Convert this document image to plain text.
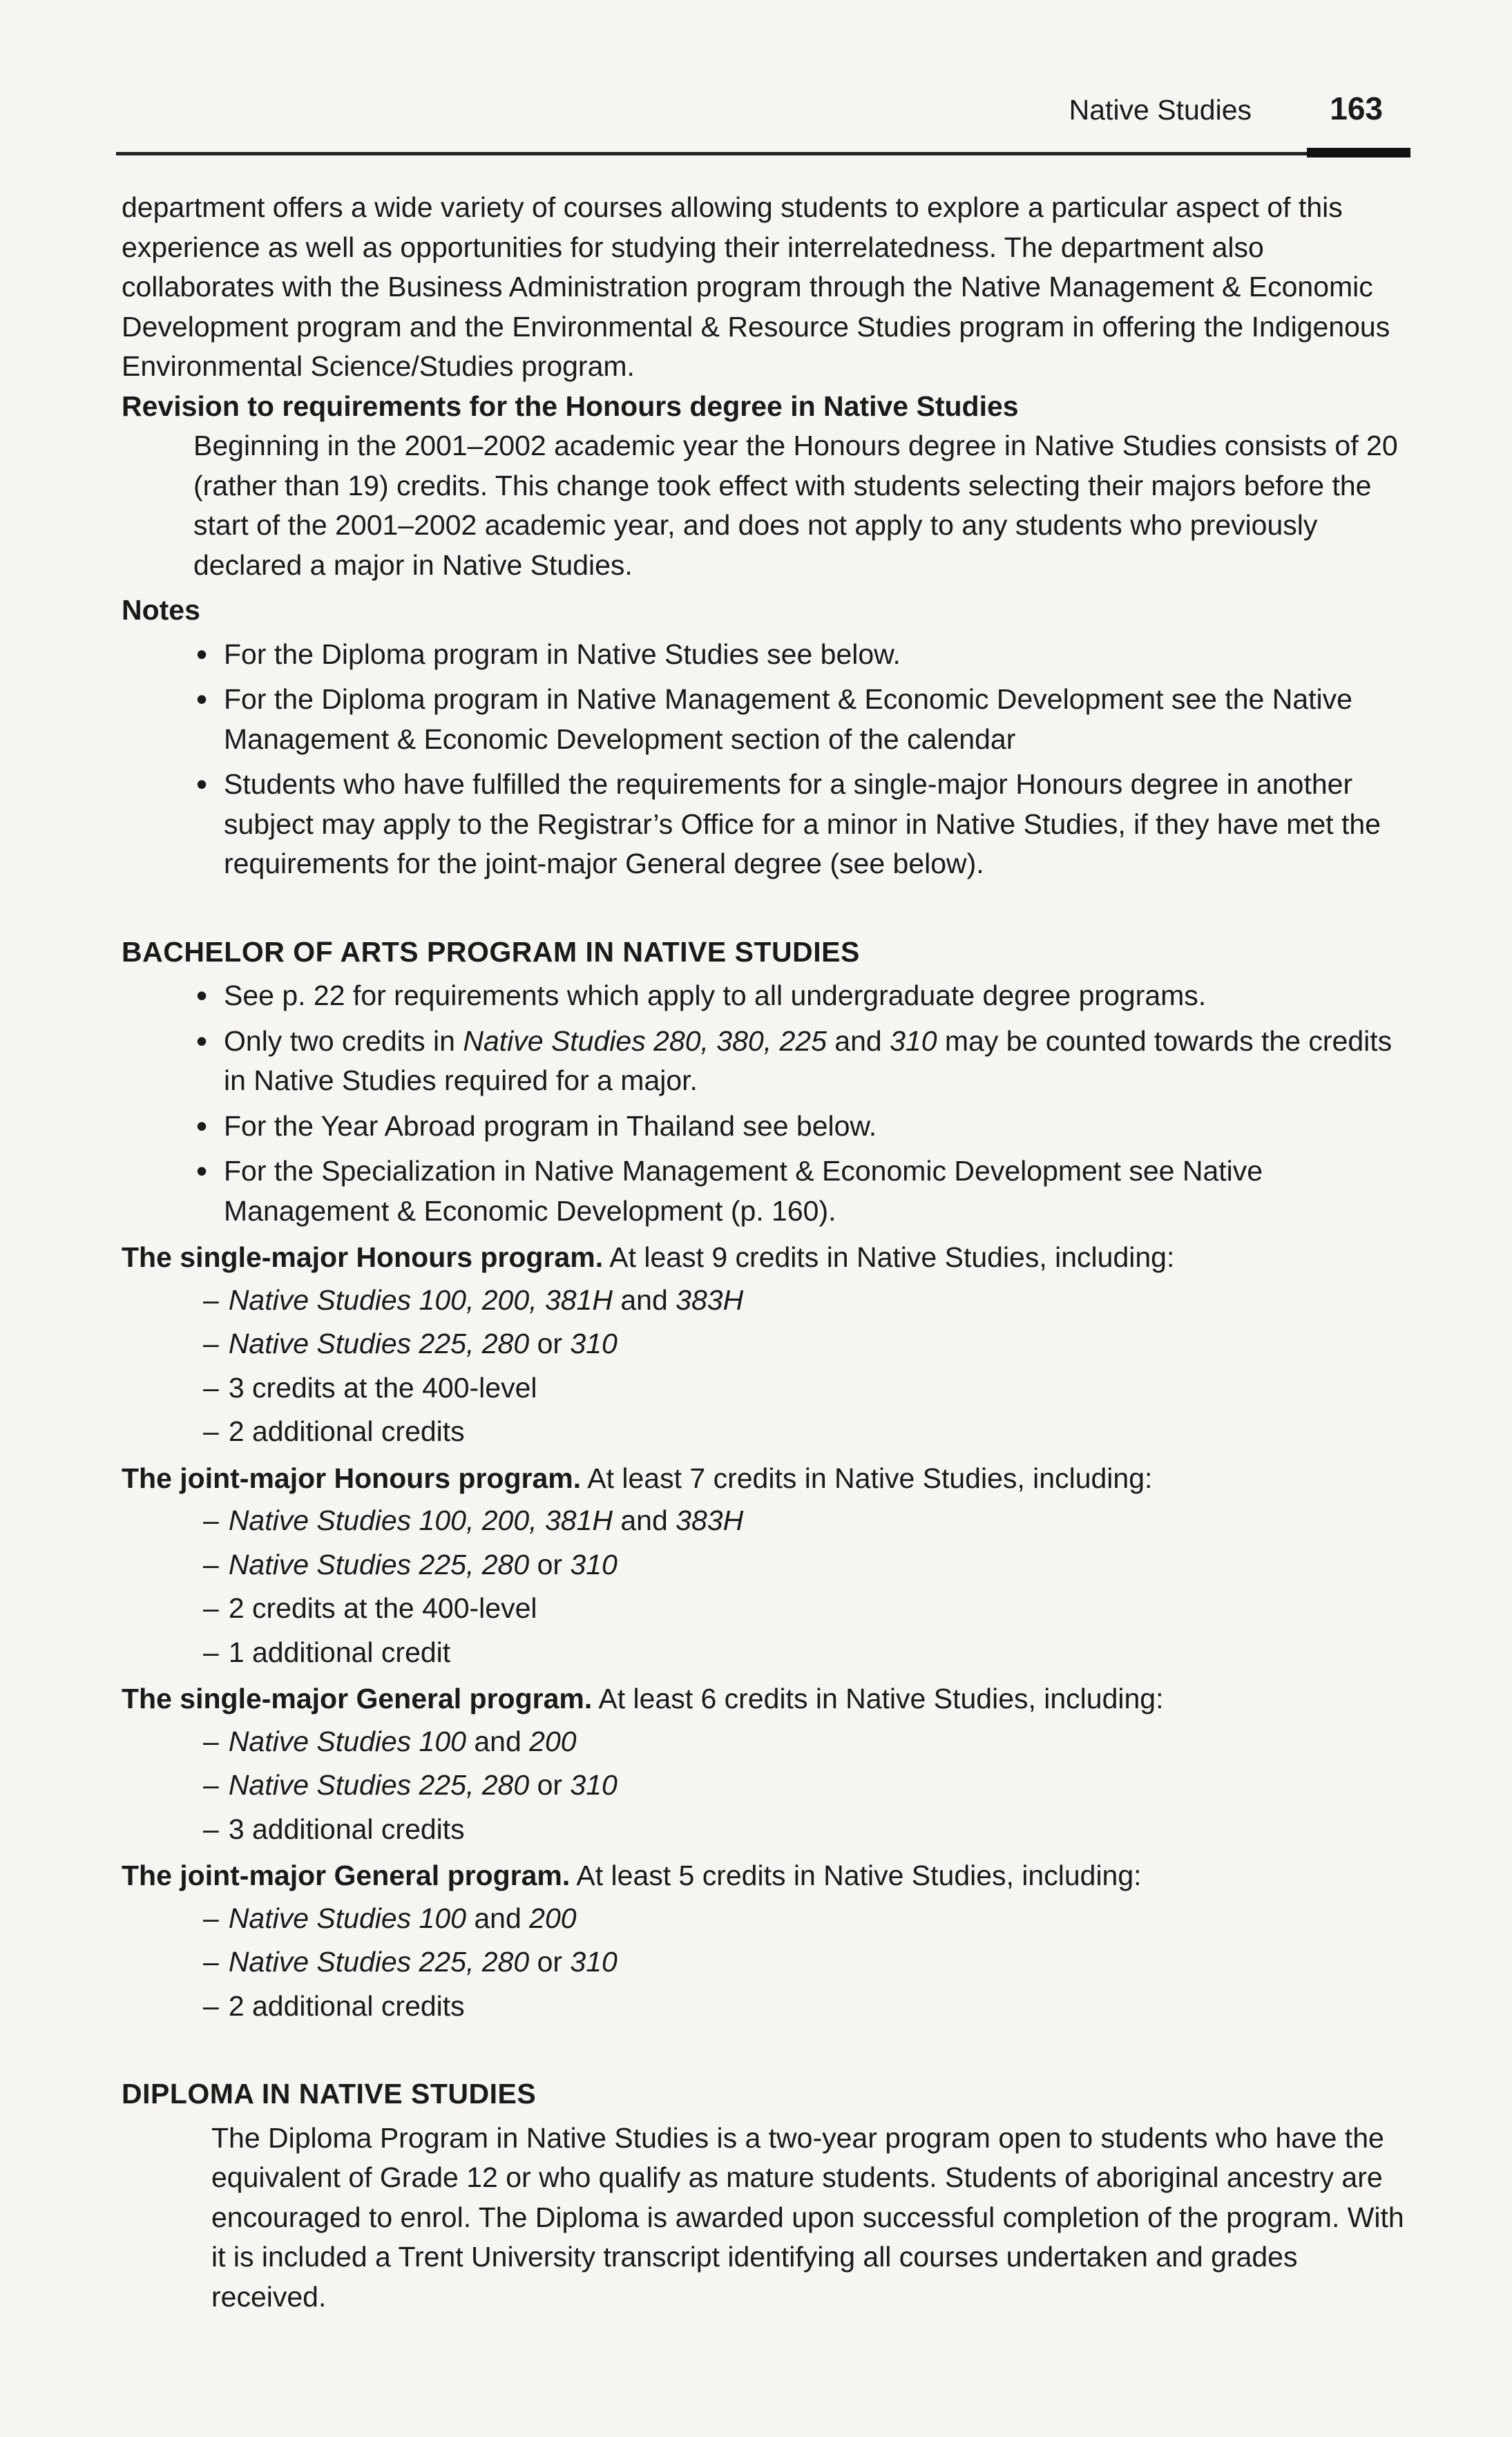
Native Studies 163

department offers a wide variety of courses allowing students to explore a particular aspect of this experience as well as opportunities for studying their interrelatedness. The department also collaborates with the Business Administration program through the Native Management & Economic Development program and the Environmental & Resource Studies program in offering the Indigenous Environmental Science/Studies program.

Revision to requirements for the Honours degree in Native Studies

Beginning in the 2001–2002 academic year the Honours degree in Native Studies consists of 20 (rather than 19) credits. This change took effect with students selecting their majors before the start of the 2001–2002 academic year, and does not apply to any students who previously declared a major in Native Studies.

Notes

• For the Diploma program in Native Studies see below.
• For the Diploma program in Native Management & Economic Development see the Native Management & Economic Development section of the calendar
• Students who have fulfilled the requirements for a single-major Honours degree in another subject may apply to the Registrar’s Office for a minor in Native Studies, if they have met the requirements for the joint-major General degree (see below).

BACHELOR OF ARTS PROGRAM IN NATIVE STUDIES

• See p. 22 for requirements which apply to all undergraduate degree programs.
• Only two credits in Native Studies 280, 380, 225 and 310 may be counted towards the credits in Native Studies required for a major.
• For the Year Abroad program in Thailand see below.
• For the Specialization in Native Management & Economic Development see Native Management & Economic Development (p. 160).

The single-major Honours program. At least 9 credits in Native Studies, including:

– Native Studies 100, 200, 381H and 383H
– Native Studies 225, 280 or 310
– 3 credits at the 400-level
– 2 additional credits

The joint-major Honours program. At least 7 credits in Native Studies, including:

– Native Studies 100, 200, 381H and 383H
– Native Studies 225, 280 or 310
– 2 credits at the 400-level
– 1 additional credit

The single-major General program. At least 6 credits in Native Studies, including:

– Native Studies 100 and 200
– Native Studies 225, 280 or 310
– 3 additional credits

The joint-major General program. At least 5 credits in Native Studies, including:

– Native Studies 100 and 200
– Native Studies 225, 280 or 310
– 2 additional credits

DIPLOMA IN NATIVE STUDIES

The Diploma Program in Native Studies is a two-year program open to students who have the equivalent of Grade 12 or who qualify as mature students. Students of aboriginal ancestry are encouraged to enrol. The Diploma is awarded upon successful completion of the program. With it is included a Trent University transcript identifying all courses undertaken and grades received.
